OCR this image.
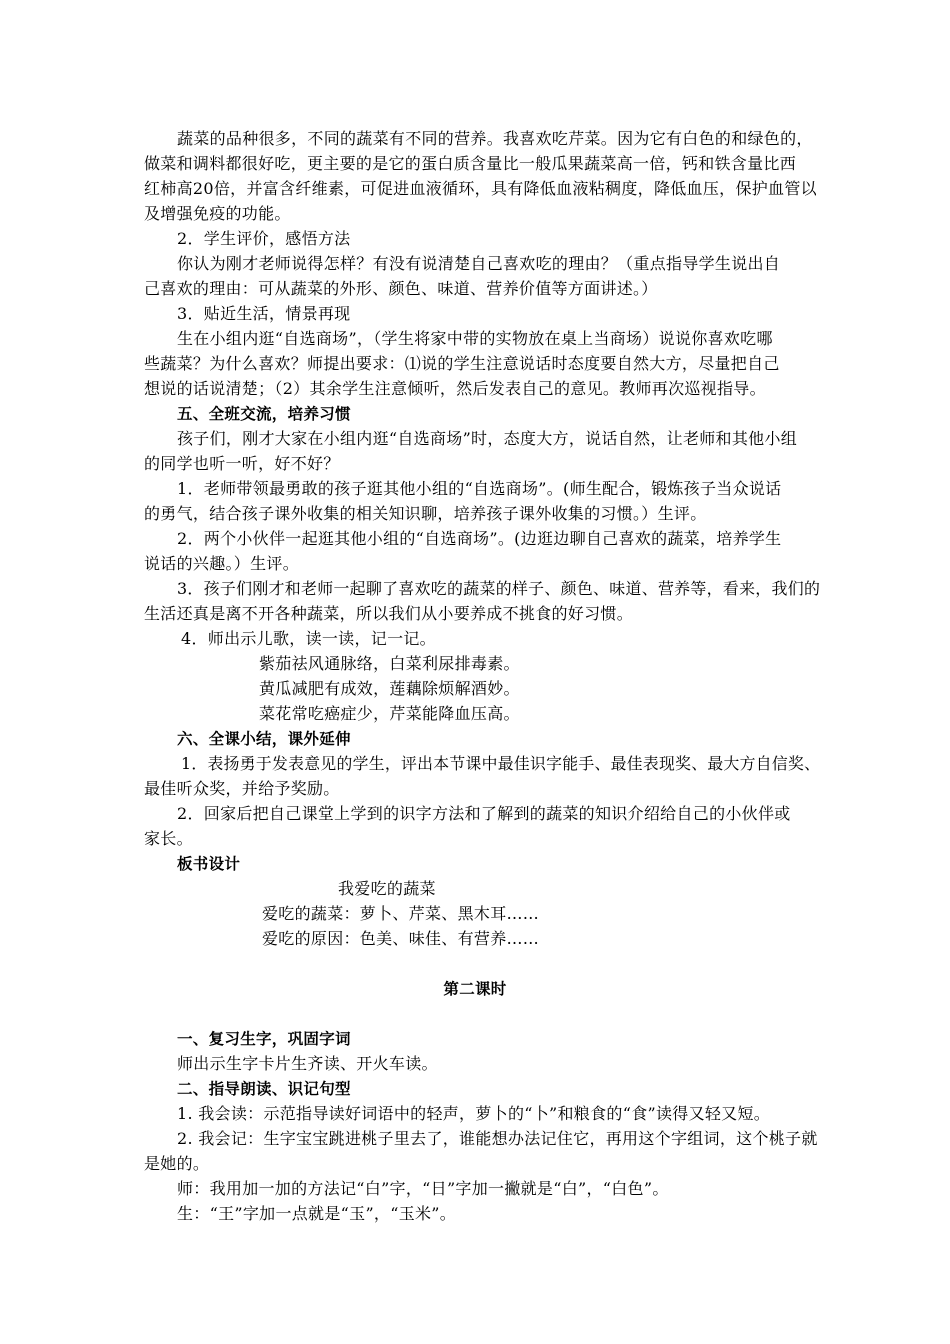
蔬菜的品种很多，不同的蔬菜有不同的营养。我喜欢吃芹菜。因为它有白色的和绿色的，
做菜和调料都很好吃，更主要的是它的蛋白质含量比一般瓜果蔬菜高一倍，钙和铁含量比西
红柿高20倍，并富含纤维素，可促进血液循环，具有降低血液粘稠度，降低血压，保护血管以
及增强免疫的功能。
2．学生评价，感悟方法
你认为刚才老师说得怎样？有没有说清楚自己喜欢吃的理由？（重点指导学生说出自
己喜欢的理由：可从蔬菜的外形、颜色、味道、营养价值等方面讲述。）
3．贴近生活，情景再现
生在小组内逛“自选商场”，（学生将家中带的实物放在桌上当商场）说说你喜欢吃哪
些蔬菜？为什么喜欢？师提出要求：⑴说的学生注意说话时态度要自然大方，尽量把自己
想说的话说清楚；（2）其余学生注意倾听，然后发表自己的意见。教师再次巡视指导。
五、全班交流，培养习惯
孩子们，刚才大家在小组内逛“自选商场”时，态度大方，说话自然，让老师和其他小组
的同学也听一听，好不好？
1．老师带领最勇敢的孩子逛其他小组的“自选商场”。(师生配合，锻炼孩子当众说话
的勇气，结合孩子课外收集的相关知识聊，培养孩子课外收集的习惯。）生评。
2．两个小伙伴一起逛其他小组的“自选商场”。(边逛边聊自己喜欢的蔬菜，培养学生
说话的兴趣。）生评。
3．孩子们刚才和老师一起聊了喜欢吃的蔬菜的样子、颜色、味道、营养等，看来，我们的
生活还真是离不开各种蔬菜，所以我们从小要养成不挑食的好习惯。
4．师出示儿歌，读一读，记一记。
紫茄祛风通脉络，白菜利尿排毒素。
黄瓜减肥有成效，莲藕除烦解酒妙。
菜花常吃癌症少，芹菜能降血压高。
六、全课小结，课外延伸
1．表扬勇于发表意见的学生，评出本节课中最佳识字能手、最佳表现奖、最大方自信奖、
最佳听众奖，并给予奖励。
2．回家后把自己课堂上学到的识字方法和了解到的蔬菜的知识介绍给自己的小伙伴或
家长。
板书设计
我爱吃的蔬菜
爱吃的蔬菜：萝卜、芹菜、黑木耳……
爱吃的原因：色美、味佳、有营养……
第二课时
一、复习生字，巩固字词
师出示生字卡片生齐读、开火车读。
二、指导朗读、识记句型
1. 我会读：示范指导读好词语中的轻声，萝卜的“卜”和粮食的“食”读得又轻又短。
2. 我会记：生字宝宝跳进桃子里去了，谁能想办法记住它，再用这个字组词，这个桃子就
是她的。
师：我用加一加的方法记“白”字，“日”字加一撇就是“白”，“白色”。
生：“王”字加一点就是“玉”，“玉米”。
